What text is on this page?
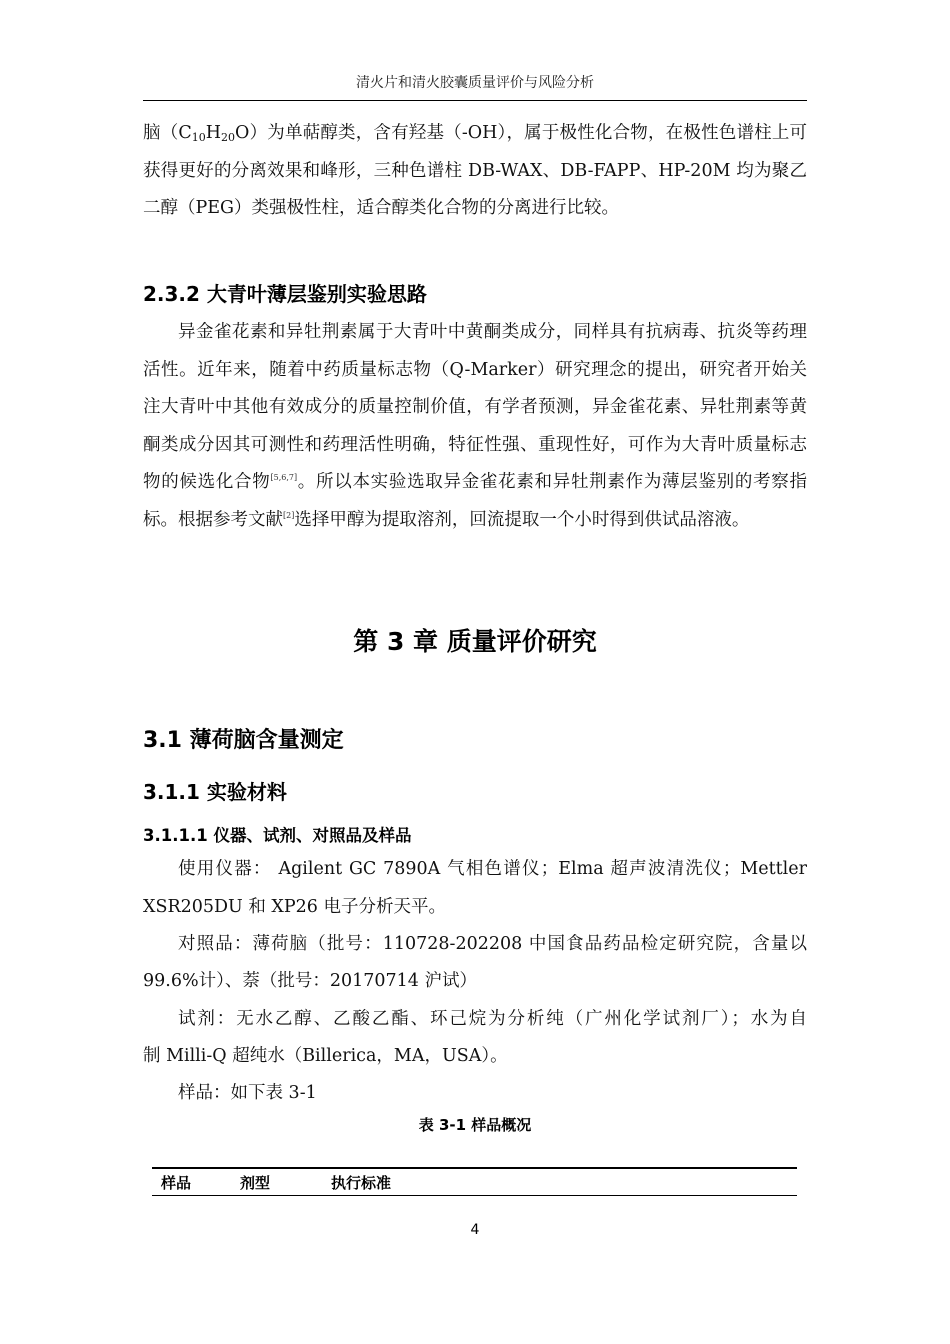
清火片和清火胶囊质量评价与风险分析

脑$(C_{10}H_{20}O)$为单萜醇类，含有羟基（-OH），属于极性化合物，在极性色谱柱上可获得更好的分离效果和峰形，三种色谱柱 DB-WAX、DB-FAPP、HP-20M 均为聚乙二醇（PEG）类强极性柱，适合醇类化合物的分离进行比较。

2.3.2 大青叶薄层鉴别实验思路

异金雀花素和异牡荆素属于大青叶中黄酮类成分，同样具有抗病毒、抗炎等药理活性。近年来，随着中药质量标志物（Q-Marker）研究理念的提出，研究者开始关注大青叶中其他有效成分的质量控制价值，有学者预测，异金雀花素、异牡荆素等黄酮类成分因其可测性和药理活性明确，特征性强、重现性好，可作为大青叶质量标志物的候选化合物[5,6,7]。所以本实验选取异金雀花素和异牡荆素作为薄层鉴别的考察指标。根据参考文献[2]选择甲醇为提取溶剂，回流提取一个小时得到供试品溶液。

第 3 章 质量评价研究
3.1 薄荷脑含量测定
3.1.1 实验材料
3.1.1.1 仪器、试剂、对照品及样品
使用仪器： Agilent GC 7890A 气相色谱仪；Elma 超声波清洗仪；Mettler
XSR205DU 和 XP26 电子分析天平。
对照品：薄荷脑（批号：110728-202208 中国食品药品检定研究院，含量以
99.6%计）、萘（批号：20170714 沪试）
试剂：无水乙醇、乙酸乙酯、环己烷为分析纯（广州化学试剂厂）；水为自
制 Milli-Q 超纯水（Billerica，MA，USA）。
样品：如下表 3-1
表 3-1 样品概况
样品	剂型	执行标准
4
